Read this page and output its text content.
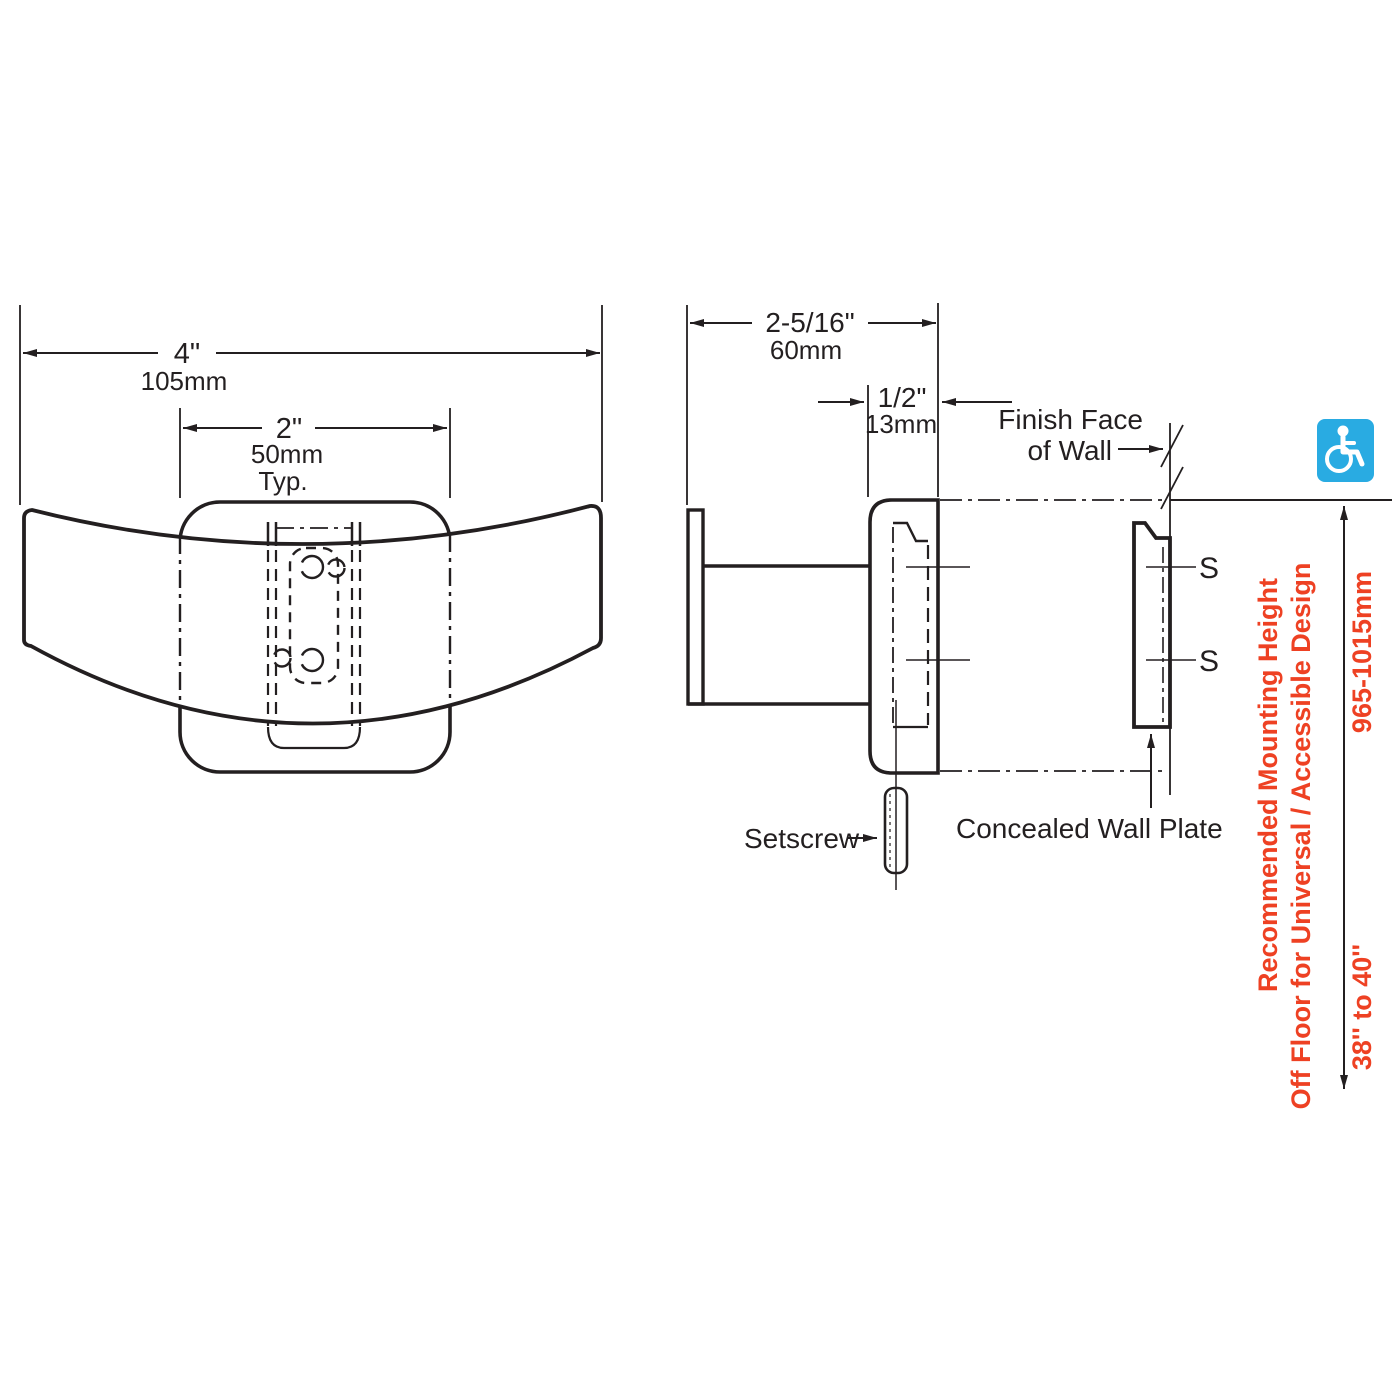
4"
105mm
2"
50mm
Typ.
2-5/16"
60mm
1/2"
13mm Finish Face
of Wall
Setscrew	Concealed Wall Plate
S
S Recommended Mounting Height Off Floor for Universal / Accessible Design 38'' to 40''
965-1015mm
